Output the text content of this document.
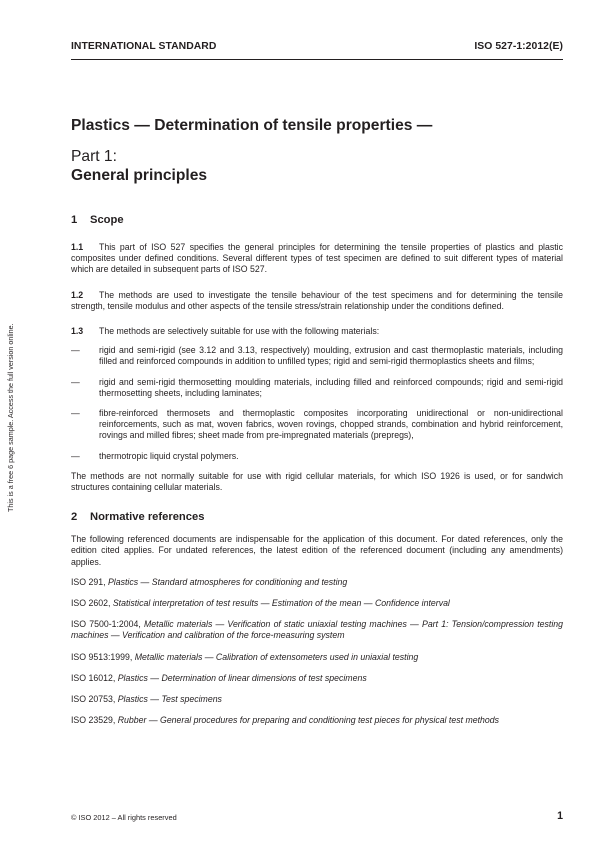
INTERNATIONAL STANDARD	ISO 527-1:2012(E)
This is a free 6 page sample. Access the full version online.
Plastics — Determination of tensile properties —
Part 1:
General principles
1 Scope

1.1 This part of ISO 527 specifies the general principles for determining the tensile properties of plastics and plastic composites under defined conditions. Several different types of test specimen are defined to suit different types of material which are detailed in subsequent parts of ISO 527.

1.2 The methods are used to investigate the tensile behaviour of the test specimens and for determining the tensile strength, tensile modulus and other aspects of the tensile stress/strain relationship under the conditions defined.

1.3 The methods are selectively suitable for use with the following materials:

—	rigid and semi-rigid (see 3.12 and 3.13, respectively) moulding, extrusion and cast thermoplastic materials, including filled and reinforced compounds in addition to unfilled types; rigid and semi-rigid thermoplastics sheets and films;
—	rigid and semi-rigid thermosetting moulding materials, including filled and reinforced compounds; rigid and semi-rigid thermosetting sheets, including laminates;
—	fibre-reinforced thermosets and thermoplastic composites incorporating unidirectional or non-unidirectional reinforcements, such as mat, woven fabrics, woven rovings, chopped strands, combination and hybrid reinforcement, rovings and milled fibres; sheet made from pre-impregnated materials (prepregs),
—	thermotropic liquid crystal polymers.

The methods are not normally suitable for use with rigid cellular materials, for which ISO 1926 is used, or for sandwich structures containing cellular materials.

2 Normative references

The following referenced documents are indispensable for the application of this document. For dated references, only the edition cited applies. For undated references, the latest edition of the referenced document (including any amendments) applies.

ISO 291, Plastics — Standard atmospheres for conditioning and testing
ISO 2602, Statistical interpretation of test results — Estimation of the mean — Confidence interval
ISO 7500-1:2004, Metallic materials — Verification of static uniaxial testing machines — Part 1: Tension/compression testing machines — Verification and calibration of the force-measuring system
ISO 9513:1999, Metallic materials — Calibration of extensometers used in uniaxial testing
ISO 16012, Plastics — Determination of linear dimensions of test specimens
ISO 20753, Plastics — Test specimens
ISO 23529, Rubber — General procedures for preparing and conditioning test pieces for physical test methods
© ISO 2012 – All rights reserved	1
